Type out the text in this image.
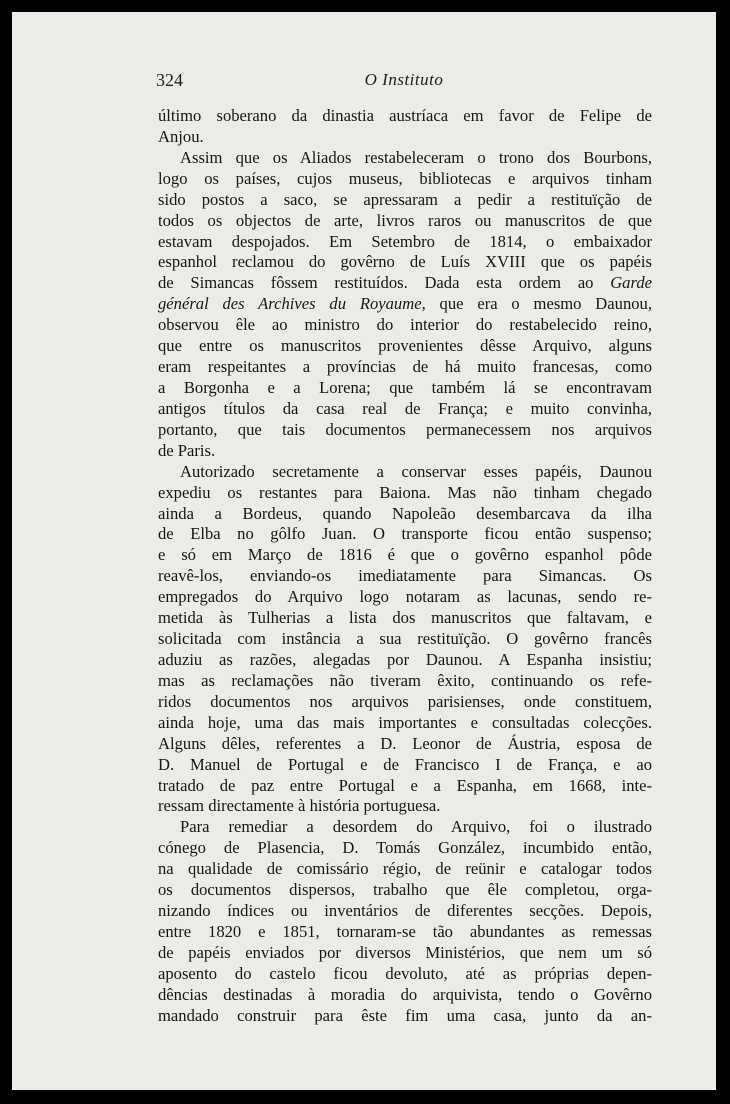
324	O Instituto

último soberano da dinastia austríaca em favor de Felipe de
Anjou.

Assim que os Aliados restabeleceram o trono dos Bourbons,
logo os países, cujos museus, bibliotecas e arquivos tinham
sido postos a saco, se apressaram a pedir a restituïção de
todos os objectos de arte, livros raros ou manuscritos de que
estavam despojados. Em Setembro de 1814, o embaixador
espanhol reclamou do govêrno de Luís XVIII que os papéis
de Simancas fôssem restituídos. Dada esta ordem ao Garde
général des Archives du Royaume, que era o mesmo Daunou,
observou êle ao ministro do interior do restabelecido reino,
que entre os manuscritos provenientes dêsse Arquivo, alguns
eram respeitantes a províncias de há muito francesas, como
a Borgonha e a Lorena; que também lá se encontravam
antigos títulos da casa real de França; e muito convinha,
portanto, que tais documentos permanecessem nos arquivos
de Paris.

Autorizado secretamente a conservar esses papéis, Daunou
expediu os restantes para Baiona. Mas não tinham chegado
ainda a Bordeus, quando Napoleão desembarcava da ilha
de Elba no gôlfo Juan. O transporte ficou então suspenso;
e só em Março de 1816 é que o govêrno espanhol pôde
reavê-los, enviando-os imediatamente para Simancas. Os
empregados do Arquivo logo notaram as lacunas, sendo re-
metida às Tulherias a lista dos manuscritos que faltavam, e
solicitada com instância a sua restituïção. O govêrno francês
aduziu as razões, alegadas por Daunou. A Espanha insistiu;
mas as reclamações não tiveram êxito, continuando os refe-
ridos documentos nos arquivos parisienses, onde constituem,
ainda hoje, uma das mais importantes e consultadas colecções.
Alguns dêles, referentes a D. Leonor de Áustria, esposa de
D. Manuel de Portugal e de Francisco I de França, e ao
tratado de paz entre Portugal e a Espanha, em 1668, inte-
ressam directamente à história portuguesa.

Para remediar a desordem do Arquivo, foi o ilustrado
cónego de Plasencia, D. Tomás González, incumbido então,
na qualidade de comissário régio, de reünir e catalogar todos
os documentos dispersos, trabalho que êle completou, orga-
nizando índices ou inventários de diferentes secções. Depois,
entre 1820 e 1851, tornaram-se tão abundantes as remessas
de papéis enviados por diversos Ministérios, que nem um só
aposento do castelo ficou devoluto, até as próprias depen-
dências destinadas à moradia do arquivista, tendo o Govêrno
mandado construir para êste fim uma casa, junto da an-
